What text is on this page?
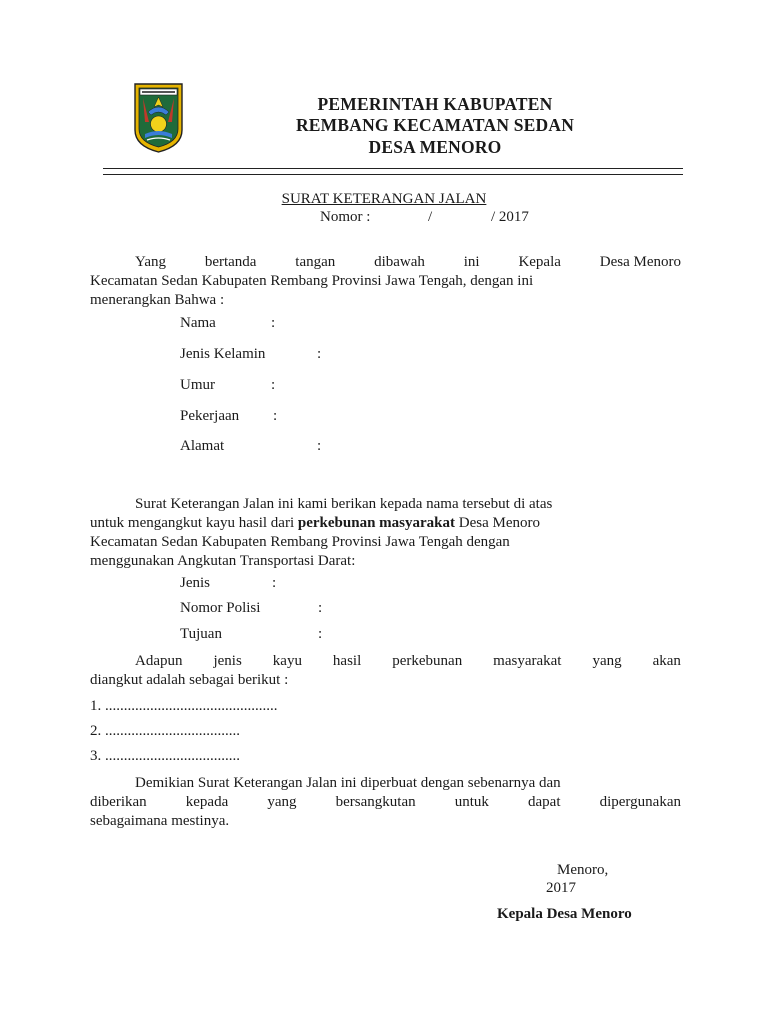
PEMERINTAH KABUPATEN
REMBANG KECAMATAN SEDAN
DESA MENORO
SURAT KETERANGAN JALAN
Nomor :	/	/ 2017
Yang	bertanda	tangan	dibawah	ini	Kepala	Desa Menoro
Kecamatan Sedan Kabupaten Rembang Provinsi Jawa Tengah, dengan ini
menerangkan Bahwa :
Nama	:
Jenis Kelamin	:
Umur	:
Pekerjaan :
Alamat	:
Surat Keterangan Jalan ini kami berikan kepada nama tersebut di atas
untuk mengangkut kayu hasil dari perkebunan masyarakat Desa Menoro
Kecamatan Sedan Kabupaten Rembang Provinsi Jawa Tengah dengan
menggunakan Angkutan Transportasi Darat:
Jenis	:
Nomor Polisi	:
Tujuan	:
Adapun jenis kayu hasil perkebunan masyarakat yang akan
diangkut adalah sebagai berikut :
1. ..............................................
2. ....................................
3. ....................................
Demikian Surat Keterangan Jalan ini diperbuat dengan sebenarnya dan
diberikan	kepada	yang	bersangkutan	untuk	dapat	dipergunakan
sebagaimana mestinya.
Menoro,
2017
Kepala Desa Menoro
